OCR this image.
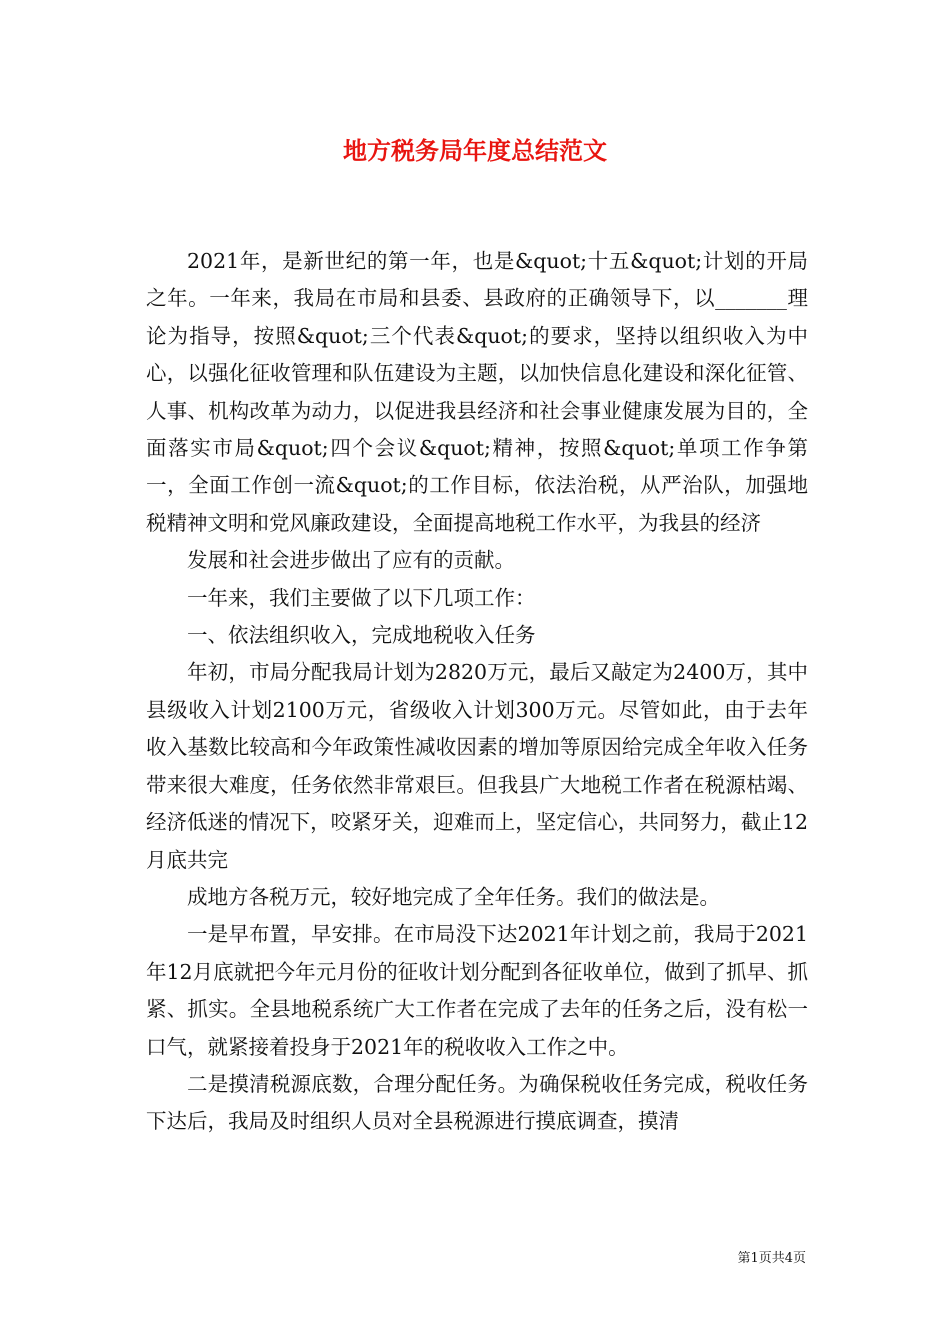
地方税务局年度总结范文

2021年，是新世纪的第一年，也是&quot;十五&quot;计划的开局之年。一年来，我局在市局和县委、县政府的正确领导下，以_______理论为指导，按照&quot;三个代表&quot;的要求，坚持以组织收入为中心，以强化征收管理和队伍建设为主题，以加快信息化建设和深化征管、人事、机构改革为动力，以促进我县经济和社会事业健康发展为目的，全面落实市局&quot;四个会议&quot;精神，按照&quot;单项工作争第一，全面工作创一流&quot;的工作目标，依法治税，从严治队，加强地税精神文明和党风廉政建设，全面提高地税工作水平，为我县的经济

发展和社会进步做出了应有的贡献。

一年来，我们主要做了以下几项工作：

一、依法组织收入，完成地税收入任务

年初，市局分配我局计划为2820万元，最后又敲定为2400万，其中县级收入计划2100万元，省级收入计划300万元。尽管如此，由于去年收入基数比较高和今年政策性减收因素的增加等原因给完成全年收入任务带来很大难度，任务依然非常艰巨。但我县广大地税工作者在税源枯竭、经济低迷的情况下，咬紧牙关，迎难而上，坚定信心，共同努力，截止12月底共完

成地方各税万元，较好地完成了全年任务。我们的做法是。

一是早布置，早安排。在市局没下达2021年计划之前，我局于2021年12月底就把今年元月份的征收计划分配到各征收单位，做到了抓早、抓紧、抓实。全县地税系统广大工作者在完成了去年的任务之后，没有松一口气，就紧接着投身于2021年的税收收入工作之中。

二是摸清税源底数，合理分配任务。为确保税收任务完成，税收任务下达后，我局及时组织人员对全县税源进行摸底调查，摸清

第1页共4页
